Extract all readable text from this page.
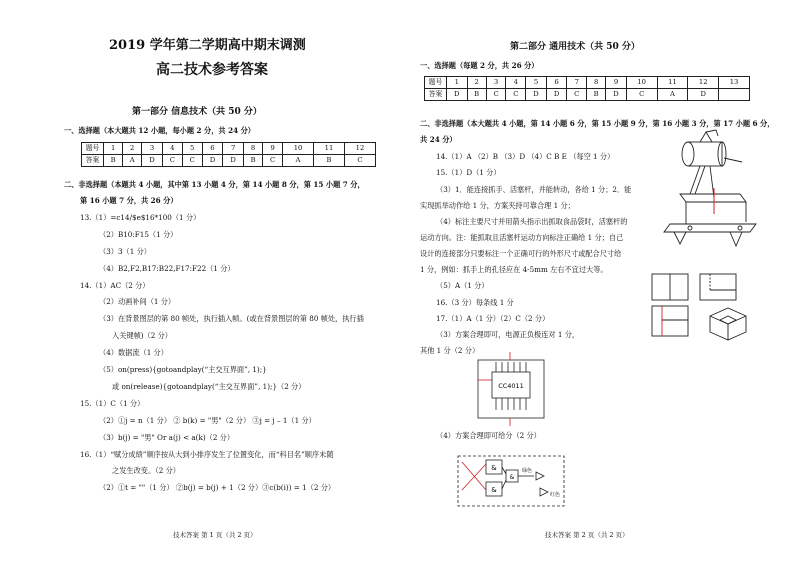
2019 学年第二学期高中期末调测
高二技术参考答案
第一部分 信息技术（共 50 分）
一、选择题（本大题共 12 小题，每小题 2 分，共 24 分）
题号	1	2	3	4	5	6	7	8	9	10	11	12
答案	B	A	D	C	C	D	D	B	C	A	B	C
二、非选择题（本题共 4 小题，其中第 13 小题 4 分，第 14 小题 8 分，第 15 小题 7 分，
第 16 小题 7 分，共 26 分）
13.（1）=c14/$e$16*100（1 分）
（2）B10:F15（1 分）
（3）3（1 分）
（4）B2,F2,B17:B22,F17:F22（1 分）
14.（1）AC（2 分）
（2）动画补间（1 分）
（3）在背景图层的第 80 帧处，执行插入帧。(或在背景图层的第 80 帧处，执行插
入关键帧)（2 分）
（4）数据流（1 分）
（5）on(press){gotoandplay(“主交互界面”, 1);}
或 on(release){gotoandplay(“主交互界面”, 1);}（2 分）
15.（1）C（1 分）
（2）①j = n（1 分） ② b(k) = "男"（2 分） ③j = j – 1（1 分）
（3）b(j) = "男" Or a(j) < a(k)（2 分）
16.（1）“赋分成绩”顺序按从大到小排序发生了位置变化，而“科目名”顺序未随
之发生改变。（2 分）
（2）①t = ""（1 分） ②b(j) = b(j) + 1（2 分）③c(b(i)) = 1（2 分）
技术答案 第 1 页（共 2 页）
第二部分 通用技术（共 50 分）
一、选择题（每题 2 分，共 26 分）
题号	1	2	3	4	5	6	7	8	9	10	11	12	13
答案	D	B	C	C	D	D	C	B	D	C	A	D	
二、非选择题（本大题共 4 小题，第 14 小题 6 分，第 15 小题 9 分，第 16 小题 3 分，第 17 小题 6 分，
共 24 分）
14.（1）A （2）B （3）D （4）C B E （每空 1 分）
15.（1）D（1 分）
（3）1．能连接抓手、活塞杆，并能转动，各给 1 分；2．能
实现抓举动作给 1 分，方案夹持可靠合理 1 分；
（4）标注主要尺寸并用箭头指示出抓取食品袋时，活塞杆的
运动方向。注：能抓取且活塞杆运动方向标注正确给 1 分；自己
设计的连接部分只要标注一个正确可行的外形尺寸或配合尺寸给
1 分，例如：抓手上的孔径应在 4-5mm 左右不宜过大等。
（5）A（1 分）
16.（3 分）每条线 1 分
17.（1）A（1 分）（2）C（2 分）
（3）方案合理即可，电源正负极连对 1 分，
其他 1 分（2 分）
（4）方案合理即可给分（2 分）
CC4011
&
&
&
绿色
红色
技术答案 第 2 页（共 2 页）
